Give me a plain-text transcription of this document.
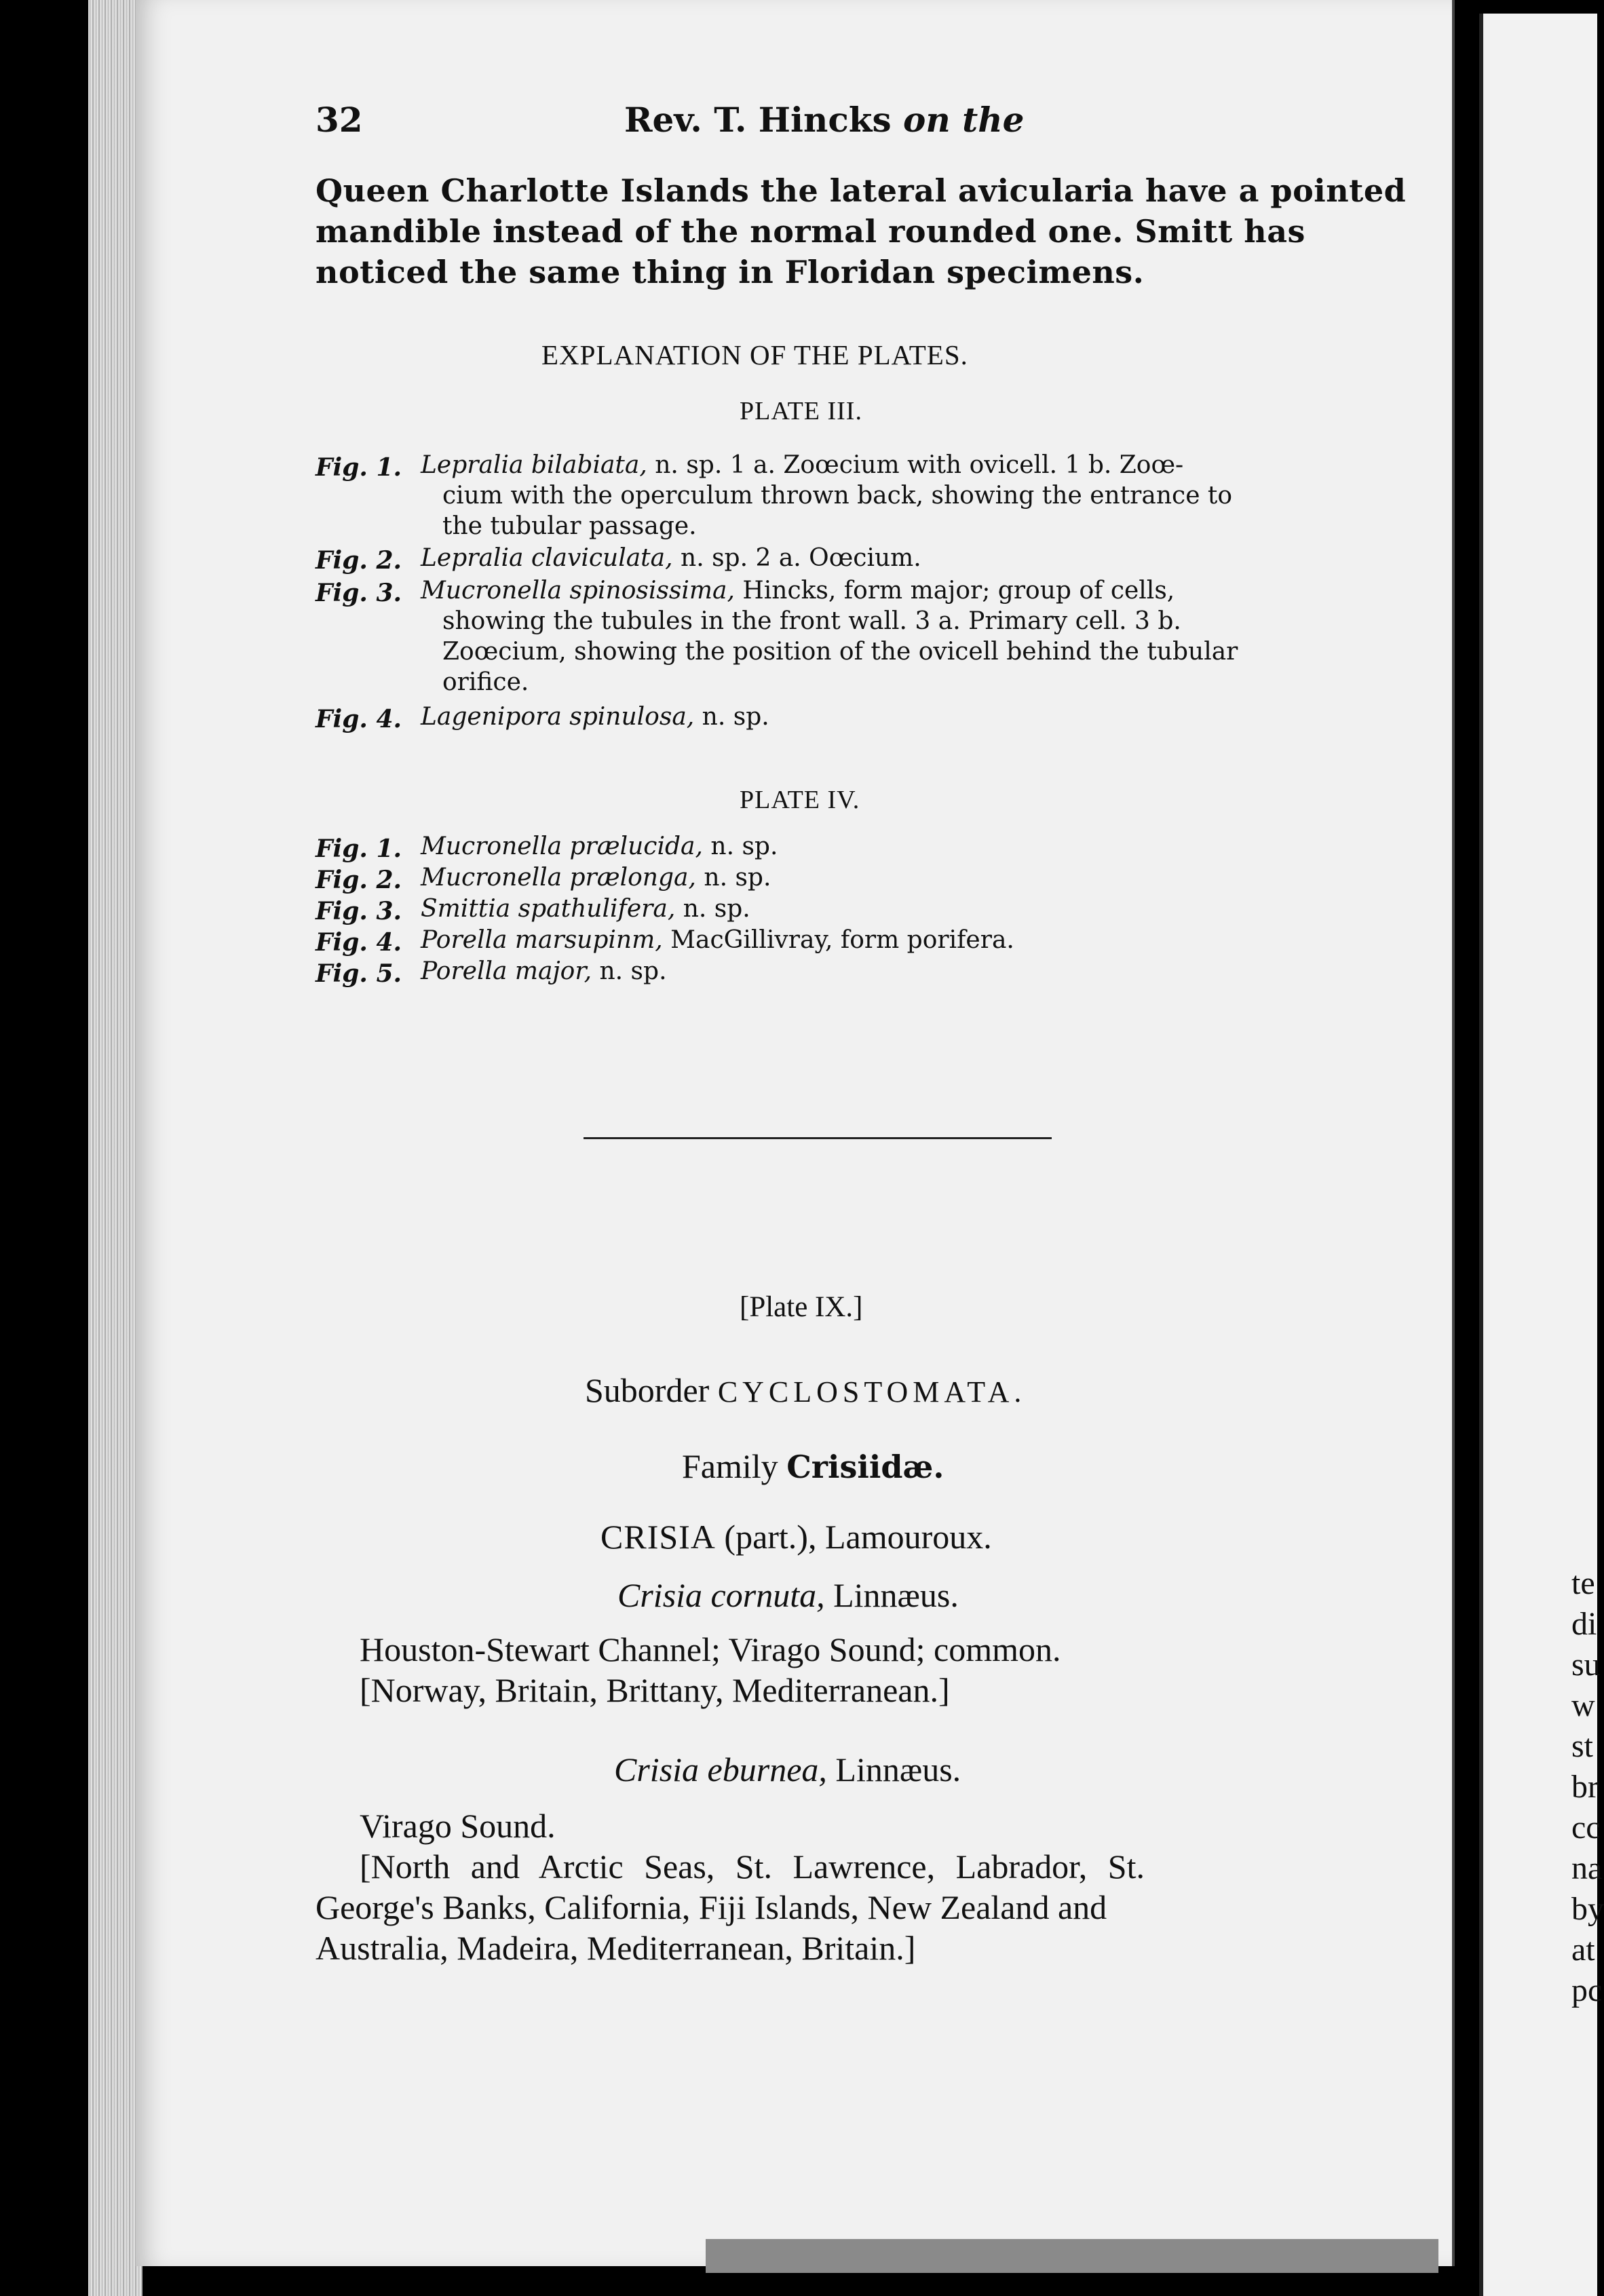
te
di
su
w
st
br
cc
na
by
at
pc
32	Rev. T. Hincks on the
Queen Charlotte Islands the lateral avicularia have a pointed
mandible instead of the normal rounded one. Smitt has
noticed the same thing in Floridan specimens.
EXPLANATION OF THE PLATES.
PLATE III.
Fig. 1. Lepralia bilabiata, n. sp. 1 a. Zoœcium with ovicell. 1 b. Zoœ-
cium with the operculum thrown back, showing the entrance to
the tubular passage.
Fig. 2. Lepralia claviculata, n. sp. 2 a. Oœcium.
Fig. 3. Mucronella spinosissima, Hincks, form major; group of cells,
showing the tubules in the front wall. 3 a. Primary cell. 3 b.
Zoœcium, showing the position of the ovicell behind the tubular
orifice.
Fig. 4. Lagenipora spinulosa, n. sp.
PLATE IV.
Fig. 1. Mucronella prælucida, n. sp.
Fig. 2. Mucronella prælonga, n. sp.
Fig. 3. Smittia spathulifera, n. sp.
Fig. 4. Porella marsupinm, MacGillivray, form porifera.
Fig. 5. Porella major, n. sp.
[Plate IX.]
Suborder CYCLOSTOMATA.
Family Crisiidæ.
CRISIA (part.), Lamouroux.
Crisia cornuta, Linnæus.
Houston-Stewart Channel; Virago Sound; common.
[Norway, Britain, Brittany, Mediterranean.]
Crisia eburnea, Linnæus.
Virago Sound.
[North and Arctic Seas, St. Lawrence, Labrador, St.
George's Banks, California, Fiji Islands, New Zealand and
Australia, Madeira, Mediterranean, Britain.]
